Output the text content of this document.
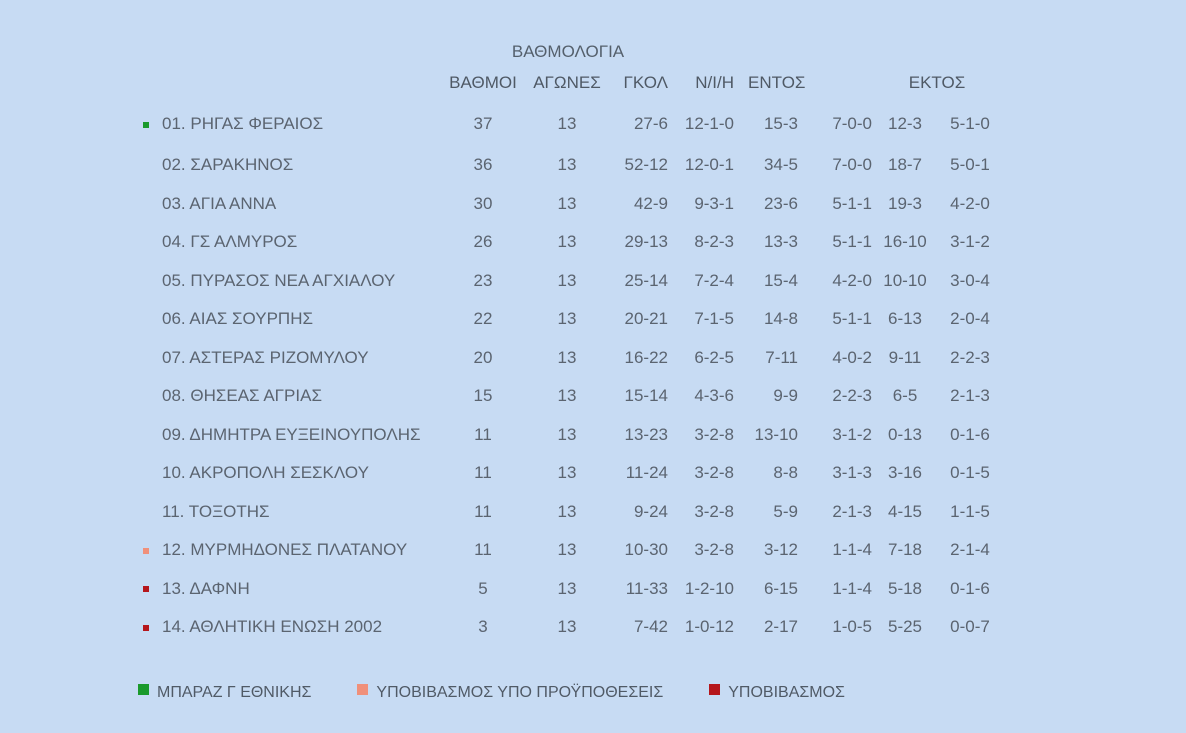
ΒΑΘΜΟΛΟΓΙΑ
		ΒΑΘΜΟΙ	ΑΓΩΝΕΣ	ΓΚΟΛ	Ν/Ι/Η	ΕΝΤΟΣ		ΕΚΤΟΣ	
	01. ΡΗΓΑΣ ΦΕΡΑΙΟΣ	37	13	27-6	12-1-0	15-3	7-0-0	12-3	5-1-0
	02. ΣΑΡΑΚΗΝΟΣ	36	13	52-12	12-0-1	34-5	7-0-0	18-7	5-0-1
	03. ΑΓΙΑ ΑΝΝΑ	30	13	42-9	9-3-1	23-6	5-1-1	19-3	4-2-0
	04. ΓΣ ΑΛΜΥΡΟΣ	26	13	29-13	8-2-3	13-3	5-1-1	16-10	3-1-2
	05. ΠΥΡΑΣΟΣ ΝΕΑ ΑΓΧΙΑΛΟΥ	23	13	25-14	7-2-4	15-4	4-2-0	10-10	3-0-4
	06. ΑΙΑΣ ΣΟΥΡΠΗΣ	22	13	20-21	7-1-5	14-8	5-1-1	6-13	2-0-4
	07. ΑΣΤΕΡΑΣ ΡΙΖΟΜΥΛΟΥ	20	13	16-22	6-2-5	7-11	4-0-2	9-11	2-2-3
	08. ΘΗΣΕΑΣ ΑΓΡΙΑΣ	15	13	15-14	4-3-6	9-9	2-2-3	6-5	2-1-3
	09. ΔΗΜΗΤΡΑ ΕΥΞΕΙΝΟΥΠΟΛΗΣ	11	13	13-23	3-2-8	13-10	3-1-2	0-13	0-1-6
	10. ΑΚΡΟΠΟΛΗ ΣΕΣΚΛΟΥ	11	13	11-24	3-2-8	8-8	3-1-3	3-16	0-1-5
	11. ΤΟΞΟΤΗΣ	11	13	9-24	3-2-8	5-9	2-1-3	4-15	1-1-5
	12. ΜΥΡΜΗΔΟΝΕΣ ΠΛΑΤΑΝΟΥ	11	13	10-30	3-2-8	3-12	1-1-4	7-18	2-1-4
	13. ΔΑΦΝΗ	5	13	11-33	1-2-10	6-15	1-1-4	5-18	0-1-6
	14. ΑΘΛΗΤΙΚΗ ΕΝΩΣΗ 2002	3	13	7-42	1-0-12	2-17	1-0-5	5-25	0-0-7
ΜΠΑΡΑΖ Γ ΕΘΝΙΚΗΣ	ΥΠΟΒΙΒΑΣΜΟΣ ΥΠΟ ΠΡΟΫΠΟΘΕΣΕΙΣ	ΥΠΟΒΙΒΑΣΜΟΣ
